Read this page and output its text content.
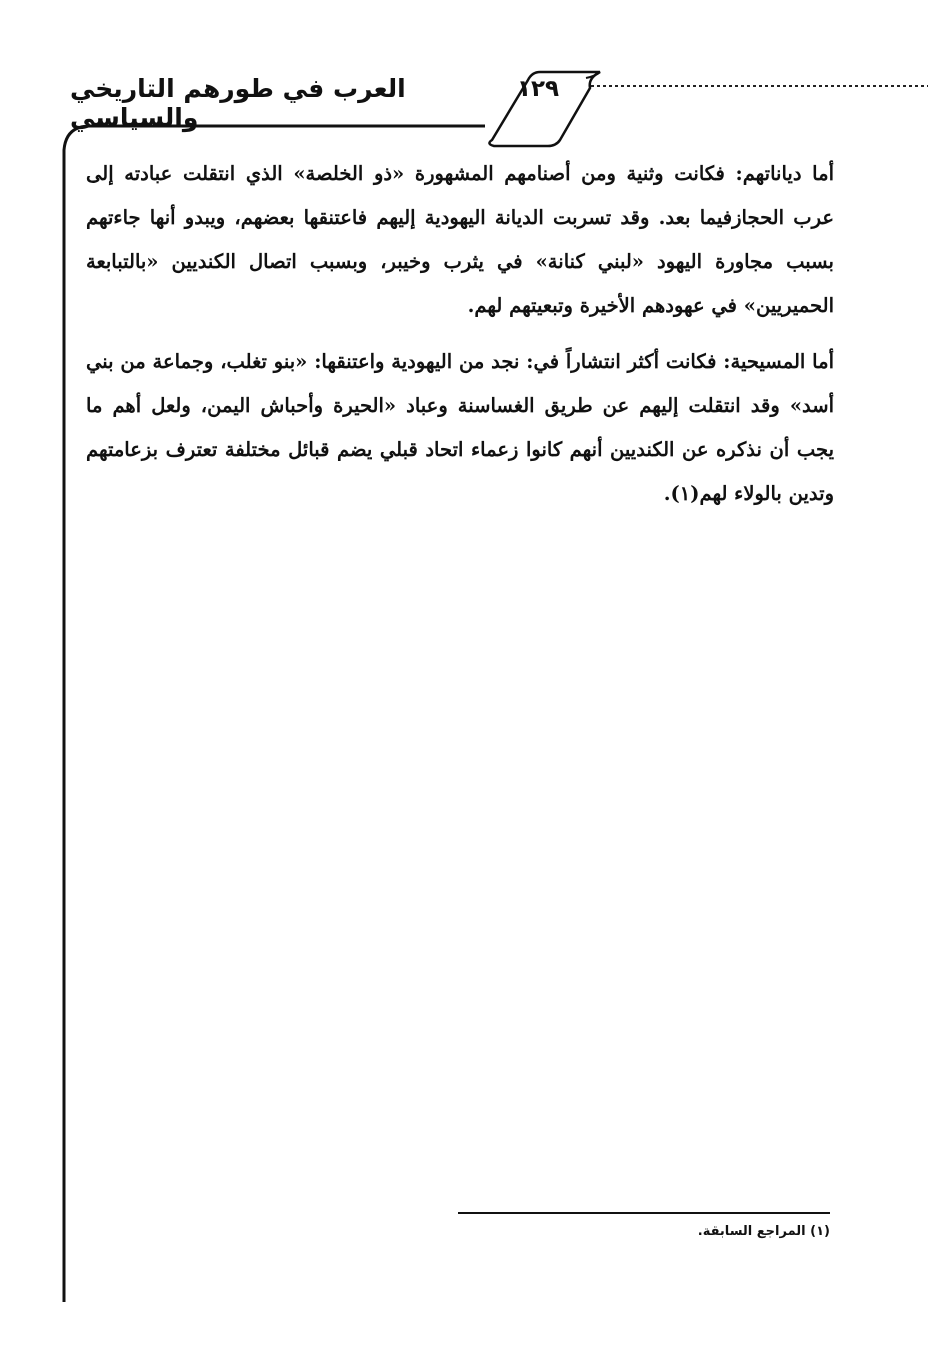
العرب في طورهم التاريخي والسياسي
١٢٩

أما دياناتهم: فكانت وثنية ومن أصنامهم المشهورة «ذو الخلصة» الذي انتقلت عبادته إلى عرب الحجازفيما بعد. وقد تسربت الديانة اليهودية إليهم فاعتنقها بعضهم، ويبدو أنها جاءتهم بسبب مجاورة اليهود «لبني كنانة» في يثرب وخيبر، وبسبب اتصال الكنديين «بالتبابعة الحميريين» في عهودهم الأخيرة وتبعيتهم لهم.

أما المسيحية: فكانت أكثر انتشاراً في: نجد من اليهودية واعتنقها: «بنو تغلب، وجماعة من بني أسد» وقد انتقلت إليهم عن طريق الغساسنة وعباد «الحيرة وأحباش اليمن، ولعل أهم ما يجب أن نذكره عن الكنديين أنهم كانوا زعماء اتحاد قبلي يضم قبائل مختلفة تعترف بزعامتهم وتدين بالولاء لهم(١).

(١) المراجع السابقة.
